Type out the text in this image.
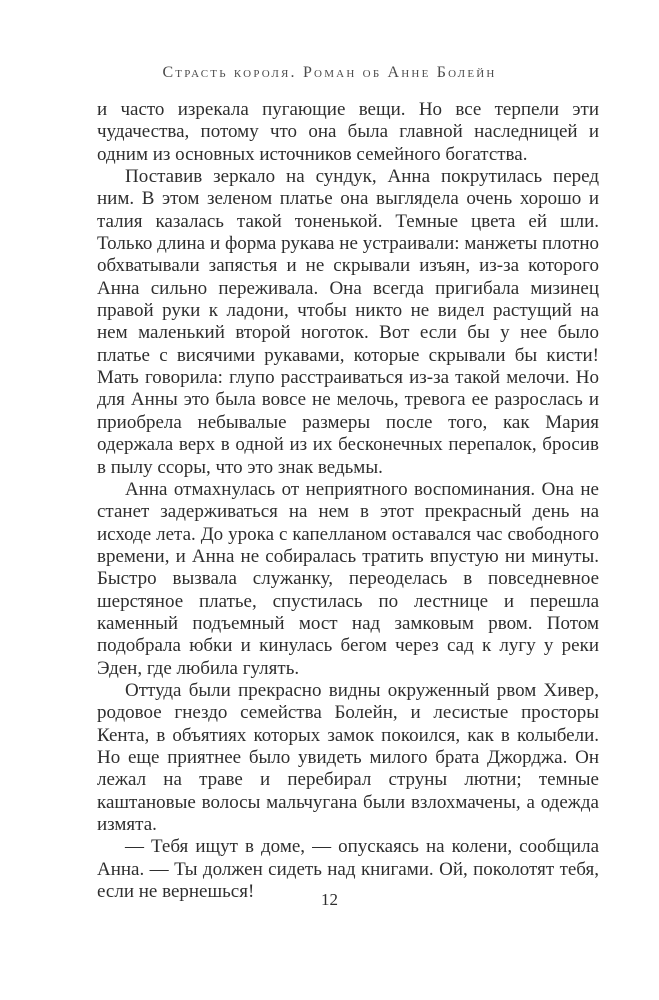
Страсть короля. Роман об Анне Болейн

и часто изрекала пугающие вещи. Но все терпели эти чудачества, потому что она была главной наследницей и одним из основных источников семейного богатства.

Поставив зеркало на сундук, Анна покрутилась перед ним. В этом зеленом платье она выглядела очень хорошо и талия казалась такой тоненькой. Темные цвета ей шли. Только длина и форма рукава не устраивали: манжеты плотно обхватывали запястья и не скрывали изъян, из-за которого Анна сильно переживала. Она всегда пригибала мизинец правой руки к ладони, чтобы никто не видел растущий на нем маленький второй ноготок. Вот если бы у нее было платье с висячими рукавами, которые скрывали бы кисти! Мать говорила: глупо расстраиваться из-за такой мелочи. Но для Анны это была вовсе не мелочь, тревога ее разрослась и приобрела небывалые размеры после того, как Мария одержала верх в одной из их бесконечных перепалок, бросив в пылу ссоры, что это знак ведьмы.

Анна отмахнулась от неприятного воспоминания. Она не станет задерживаться на нем в этот прекрасный день на исходе лета. До урока с капелланом оставался час свободного времени, и Анна не собиралась тратить впустую ни минуты. Быстро вызвала служанку, переоделась в повседневное шерстяное платье, спустилась по лестнице и перешла каменный подъемный мост над замковым рвом. Потом подобрала юбки и кинулась бегом через сад к лугу у реки Эден, где любила гулять.

Оттуда были прекрасно видны окруженный рвом Хивер, родовое гнездо семейства Болейн, и лесистые просторы Кента, в объятиях которых замок покоился, как в колыбели. Но еще приятнее было увидеть милого брата Джорджа. Он лежал на траве и перебирал струны лютни; темные каштановые волосы мальчугана были взлохмачены, а одежда измята.

— Тебя ищут в доме, — опускаясь на колени, сообщила Анна. — Ты должен сидеть над книгами. Ой, поколотят тебя, если не вернешься!	12
